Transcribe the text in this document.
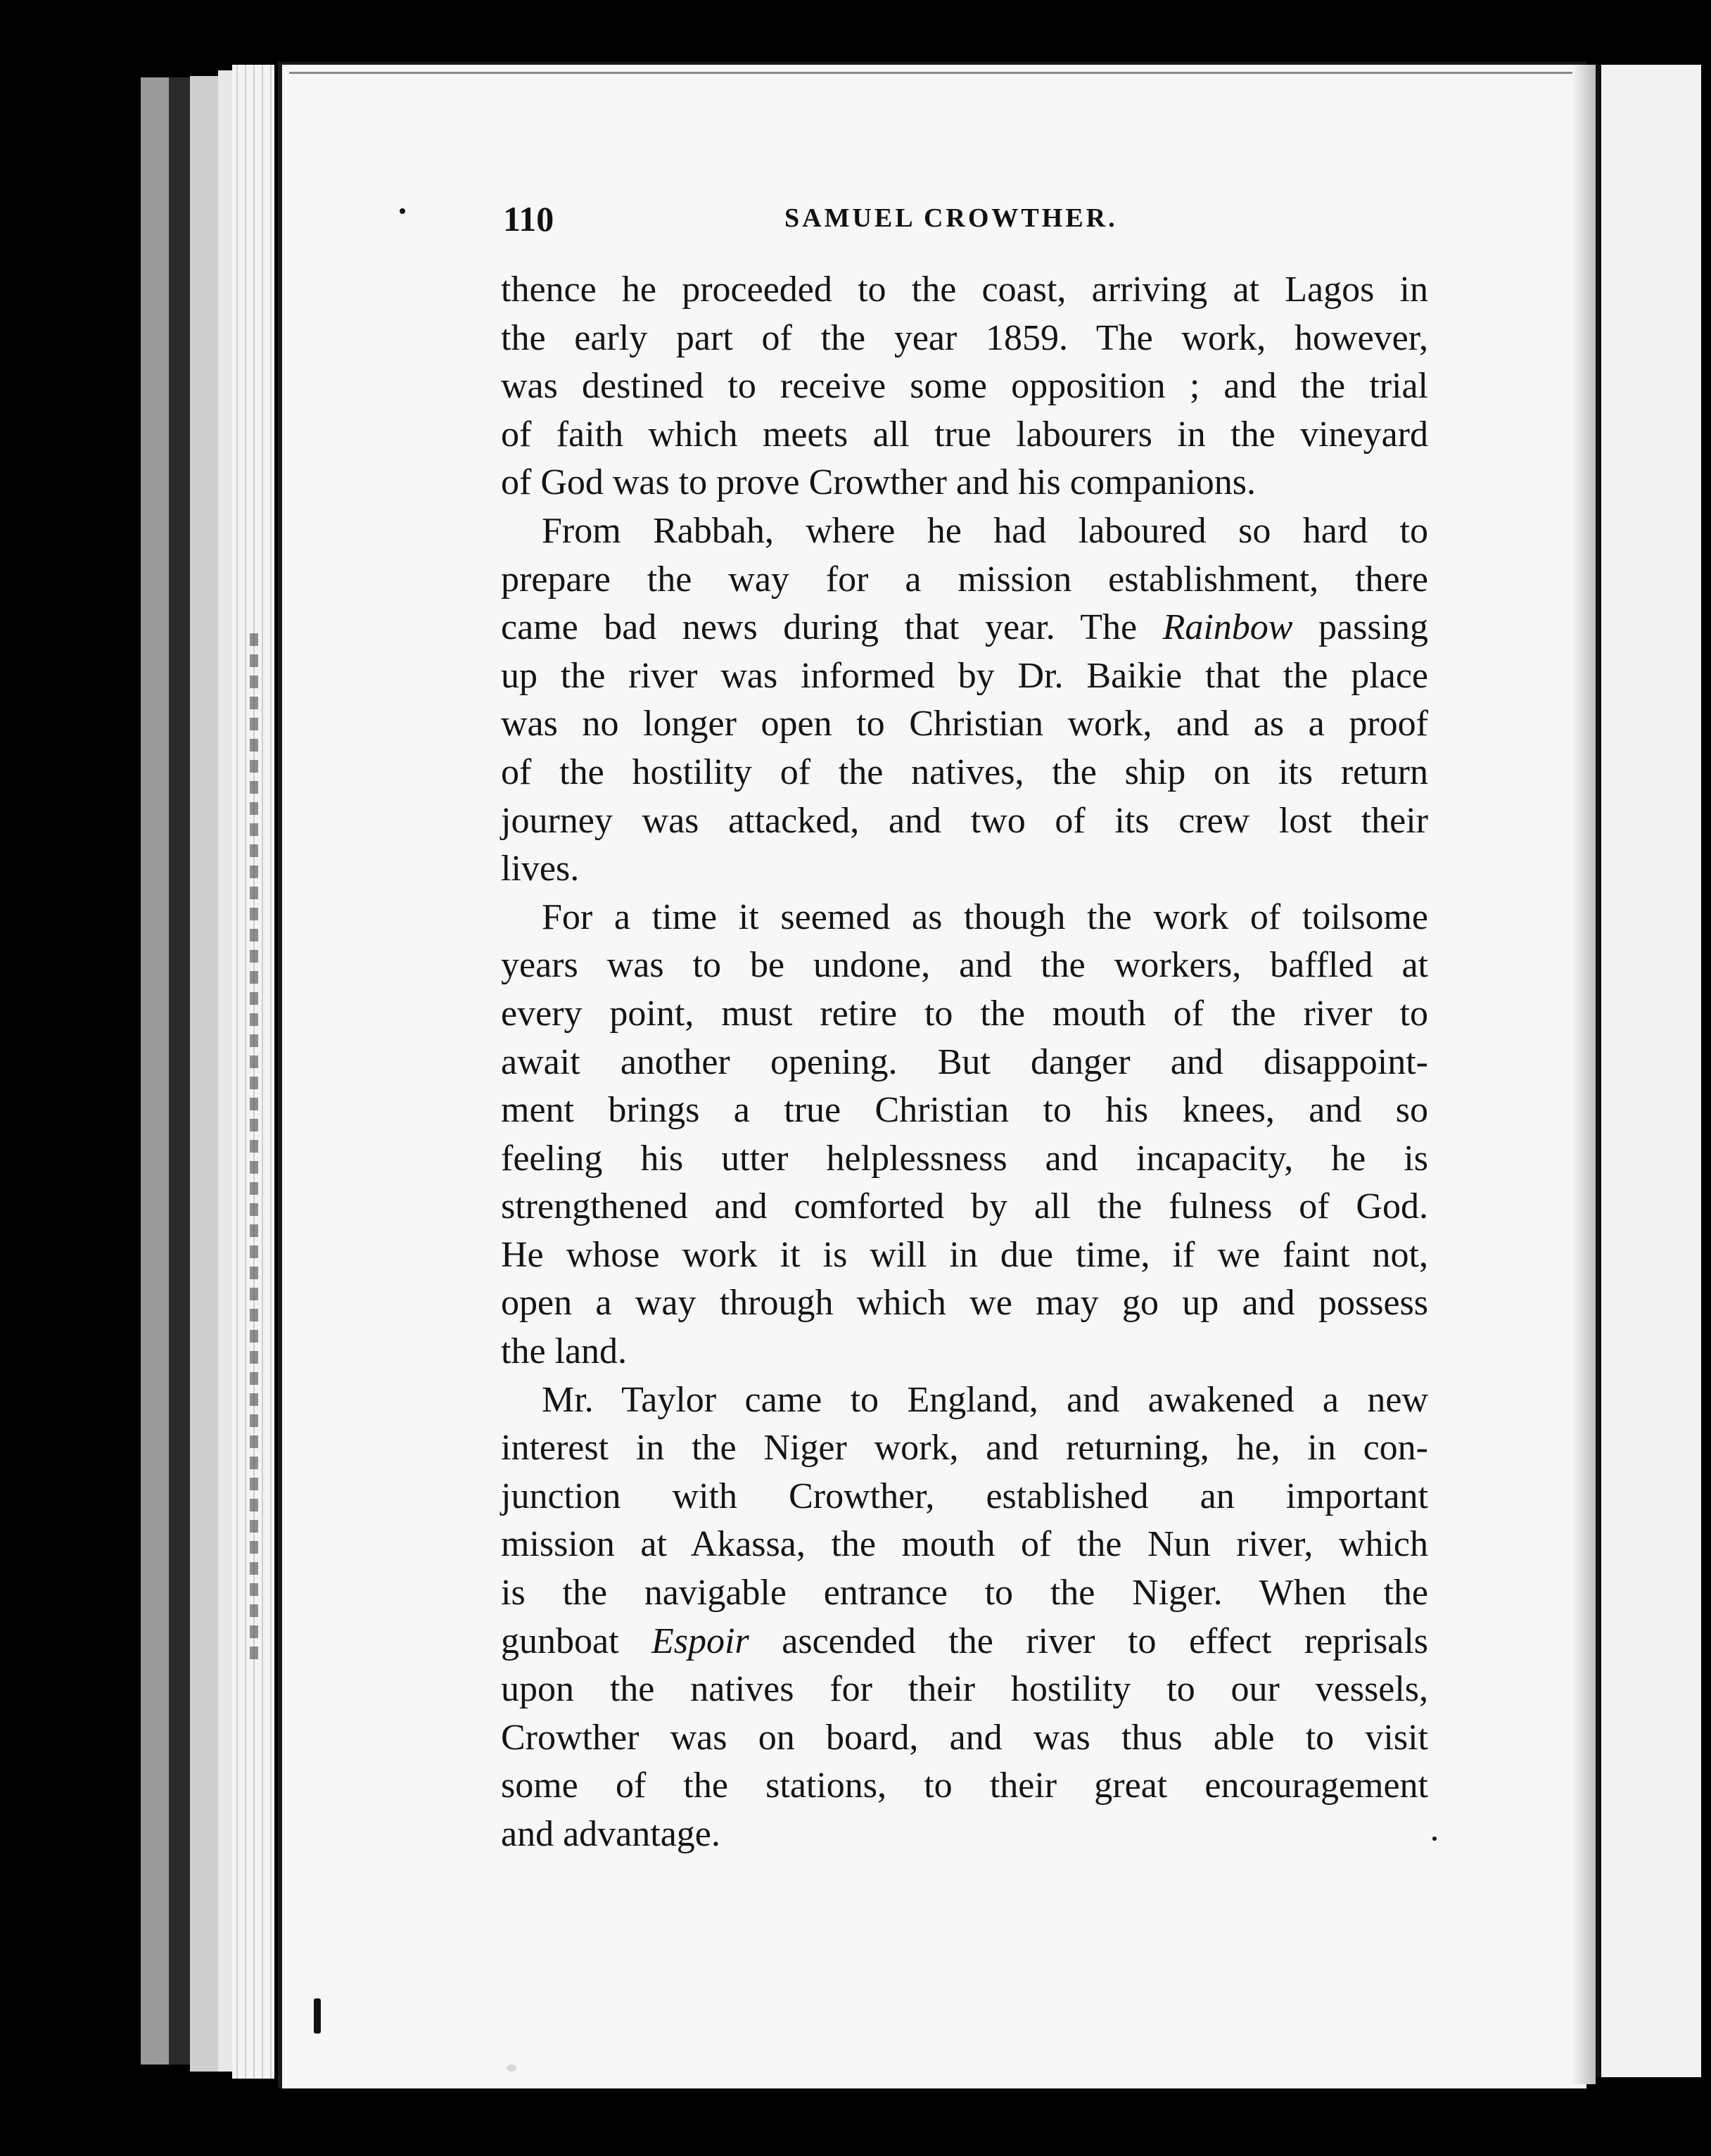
110	SAMUEL CROWTHER.

thence he proceeded to the coast, arriving at Lagos in

the early part of the year 1859. The work, however,

was destined to receive some opposition ; and the trial

of faith which meets all true labourers in the vineyard

of God was to prove Crowther and his companions.

From Rabbah, where he had laboured so hard to

prepare the way for a mission establishment, there

came bad news during that year. The Rainbow passing

up the river was informed by Dr. Baikie that the place

was no longer open to Christian work, and as a proof

of the hostility of the natives, the ship on its return

journey was attacked, and two of its crew lost their

lives.

For a time it seemed as though the work of toilsome

years was to be undone, and the workers, baffled at

every point, must retire to the mouth of the river to

await another opening. But danger and disappoint-

ment brings a true Christian to his knees, and so

feeling his utter helplessness and incapacity, he is

strengthened and comforted by all the fulness of God.

He whose work it is will in due time, if we faint not,

open a way through which we may go up and possess

the land.

Mr. Taylor came to England, and awakened a new

interest in the Niger work, and returning, he, in con-

junction with Crowther, established an important

mission at Akassa, the mouth of the Nun river, which

is the navigable entrance to the Niger. When the

gunboat Espoir ascended the river to effect reprisals

upon the natives for their hostility to our vessels,

Crowther was on board, and was thus able to visit

some of the stations, to their great encouragement

and advantage.
